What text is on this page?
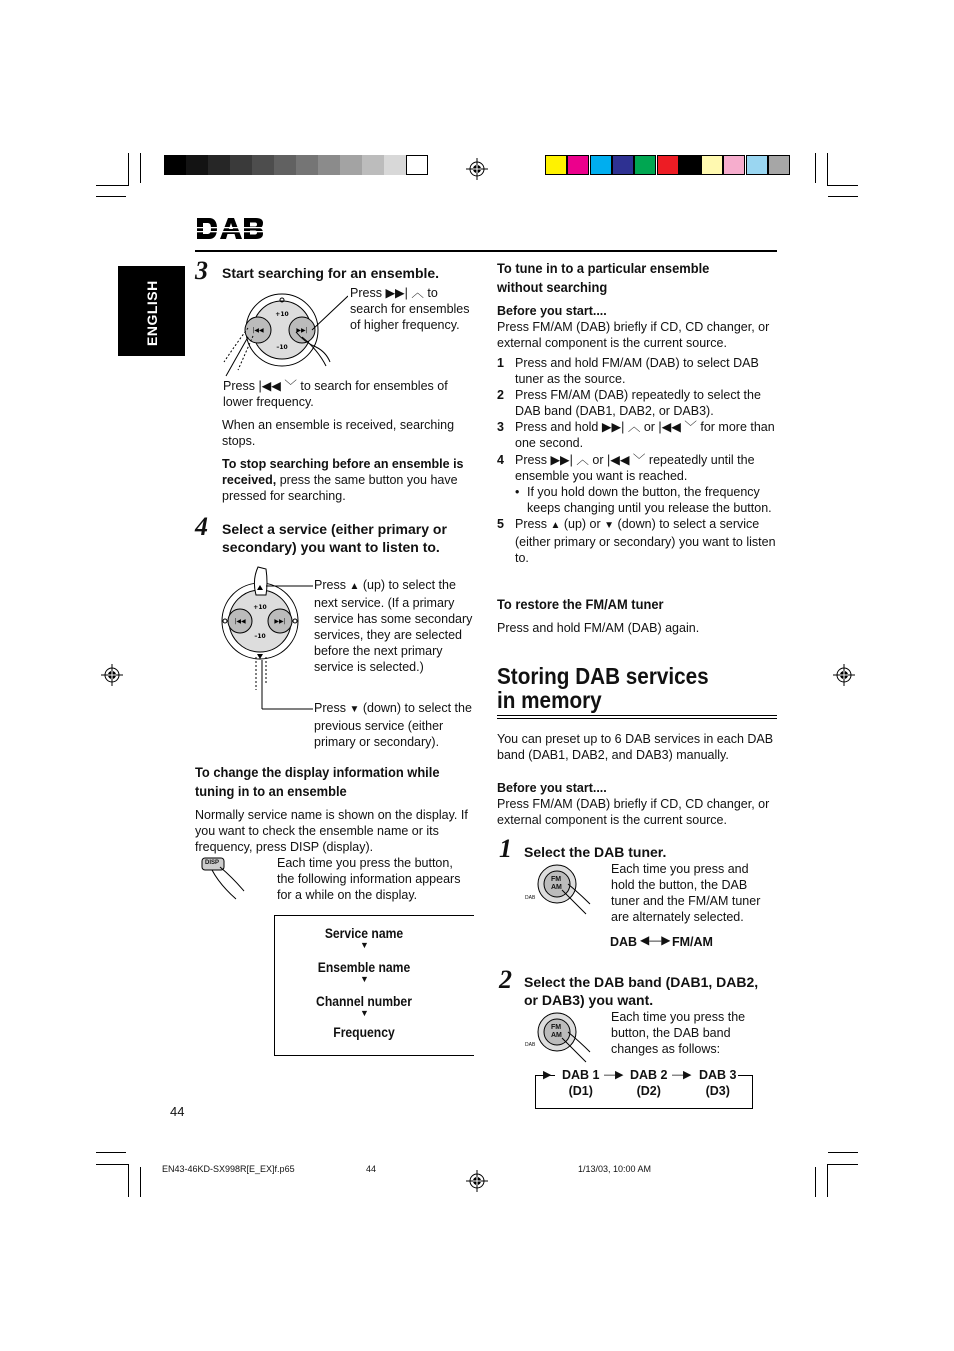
ENGLISH
3 Start searching for an ensemble.
+10
–10
|◀◀	▶▶|
Press ▶▶| ︿ to search for ensembles of higher frequency.
Press |◀◀ ﹀ to search for ensembles of lower frequency.
When an ensemble is received, searching stops.
To stop searching before an ensemble is received, press the same button you have pressed for searching.
4 Select a service (either primary or secondary) you want to listen to.
+10
–10
|◀◀	▶▶|
Press ▲ (up) to select the next service. (If a primary service has some secondary services, they are selected before the next primary service is selected.)
Press ▼ (down) to select the previous service (either primary or secondary).
To change the display information while tuning in to an ensemble
Normally service name is shown on the display. If you want to check the ensemble name or its frequency, press DISP (display).
DISP	Each time you press the button, the following information appears for a while on the display.
Service name
▼
Ensemble name
▼
Channel number
▼
Frequency
44
To tune in to a particular ensemble without searching
Before you start....
Press FM/AM (DAB) briefly if CD, CD changer, or external component is the current source.
1 Press and hold FM/AM (DAB) to select DAB tuner as the source.
2 Press FM/AM (DAB) repeatedly to select the DAB band (DAB1, DAB2, or DAB3).
3 Press and hold ▶▶| ︿ or |◀◀ ﹀ for more than one second.
4 Press ▶▶| ︿ or |◀◀ ﹀ repeatedly until the ensemble you want is reached.
• If you hold down the button, the frequency keeps changing until you release the button.
5 Press ▲ (up) or ▼ (down) to select a service (either primary or secondary) you want to listen to.
To restore the FM/AM tuner
Press and hold FM/AM (DAB) again.
Storing DAB services in memory
You can preset up to 6 DAB services in each DAB band (DAB1, DAB2, and DAB3) manually.
Before you start....
Press FM/AM (DAB) briefly if CD, CD changer, or external component is the current source.
1 Select the DAB tuner.
FM
AM
DAB
Each time you press and hold the button, the DAB tuner and the FM/AM tuner are alternately selected.
DAB ◀—▶ FM/AM
2 Select the DAB band (DAB1, DAB2, or DAB3) you want.
FM
AM
DAB
Each time you press the button, the DAB band changes as follows:
▶ DAB 1
(D1)
—▶ DAB 2
(D2)
—▶ DAB 3
(D3)
EN43-46KD-SX998R[E_EX]f.p65	44	1/13/03, 10:00 AM
